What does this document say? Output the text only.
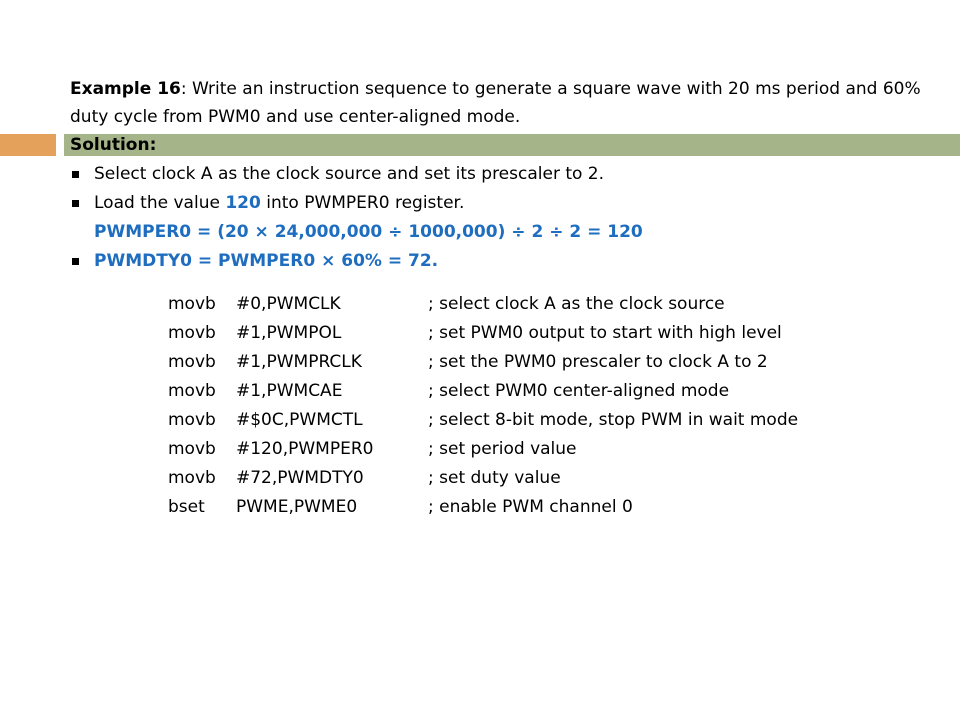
Example 16: Write an instruction sequence to generate a square wave with 20 ms period and 60% duty cycle from PWM0 and use center-aligned mode.
Solution:
Select clock A as the clock source and set its prescaler to 2.
Load the value 120 into PWMPER0 register.
PWMPER0 = (20 × 24,000,000 ÷ 1000,000) ÷ 2 ÷ 2 = 120
PWMDTY0 = PWMPER0 × 60% = 72.
movb	#0,PWMCLK	; select clock A as the clock source
movb	#1,PWMPOL	; set PWM0 output to start with high level
movb	#1,PWMPRCLK	; set the PWM0 prescaler to clock A to 2
movb	#1,PWMCAE	; select PWM0 center-aligned mode
movb	#$0C,PWMCTL	; select 8-bit mode, stop PWM in wait mode
movb	#120,PWMPER0	; set period value
movb	#72,PWMDTY0	; set duty value
bset	PWME,PWME0	; enable PWM channel 0
